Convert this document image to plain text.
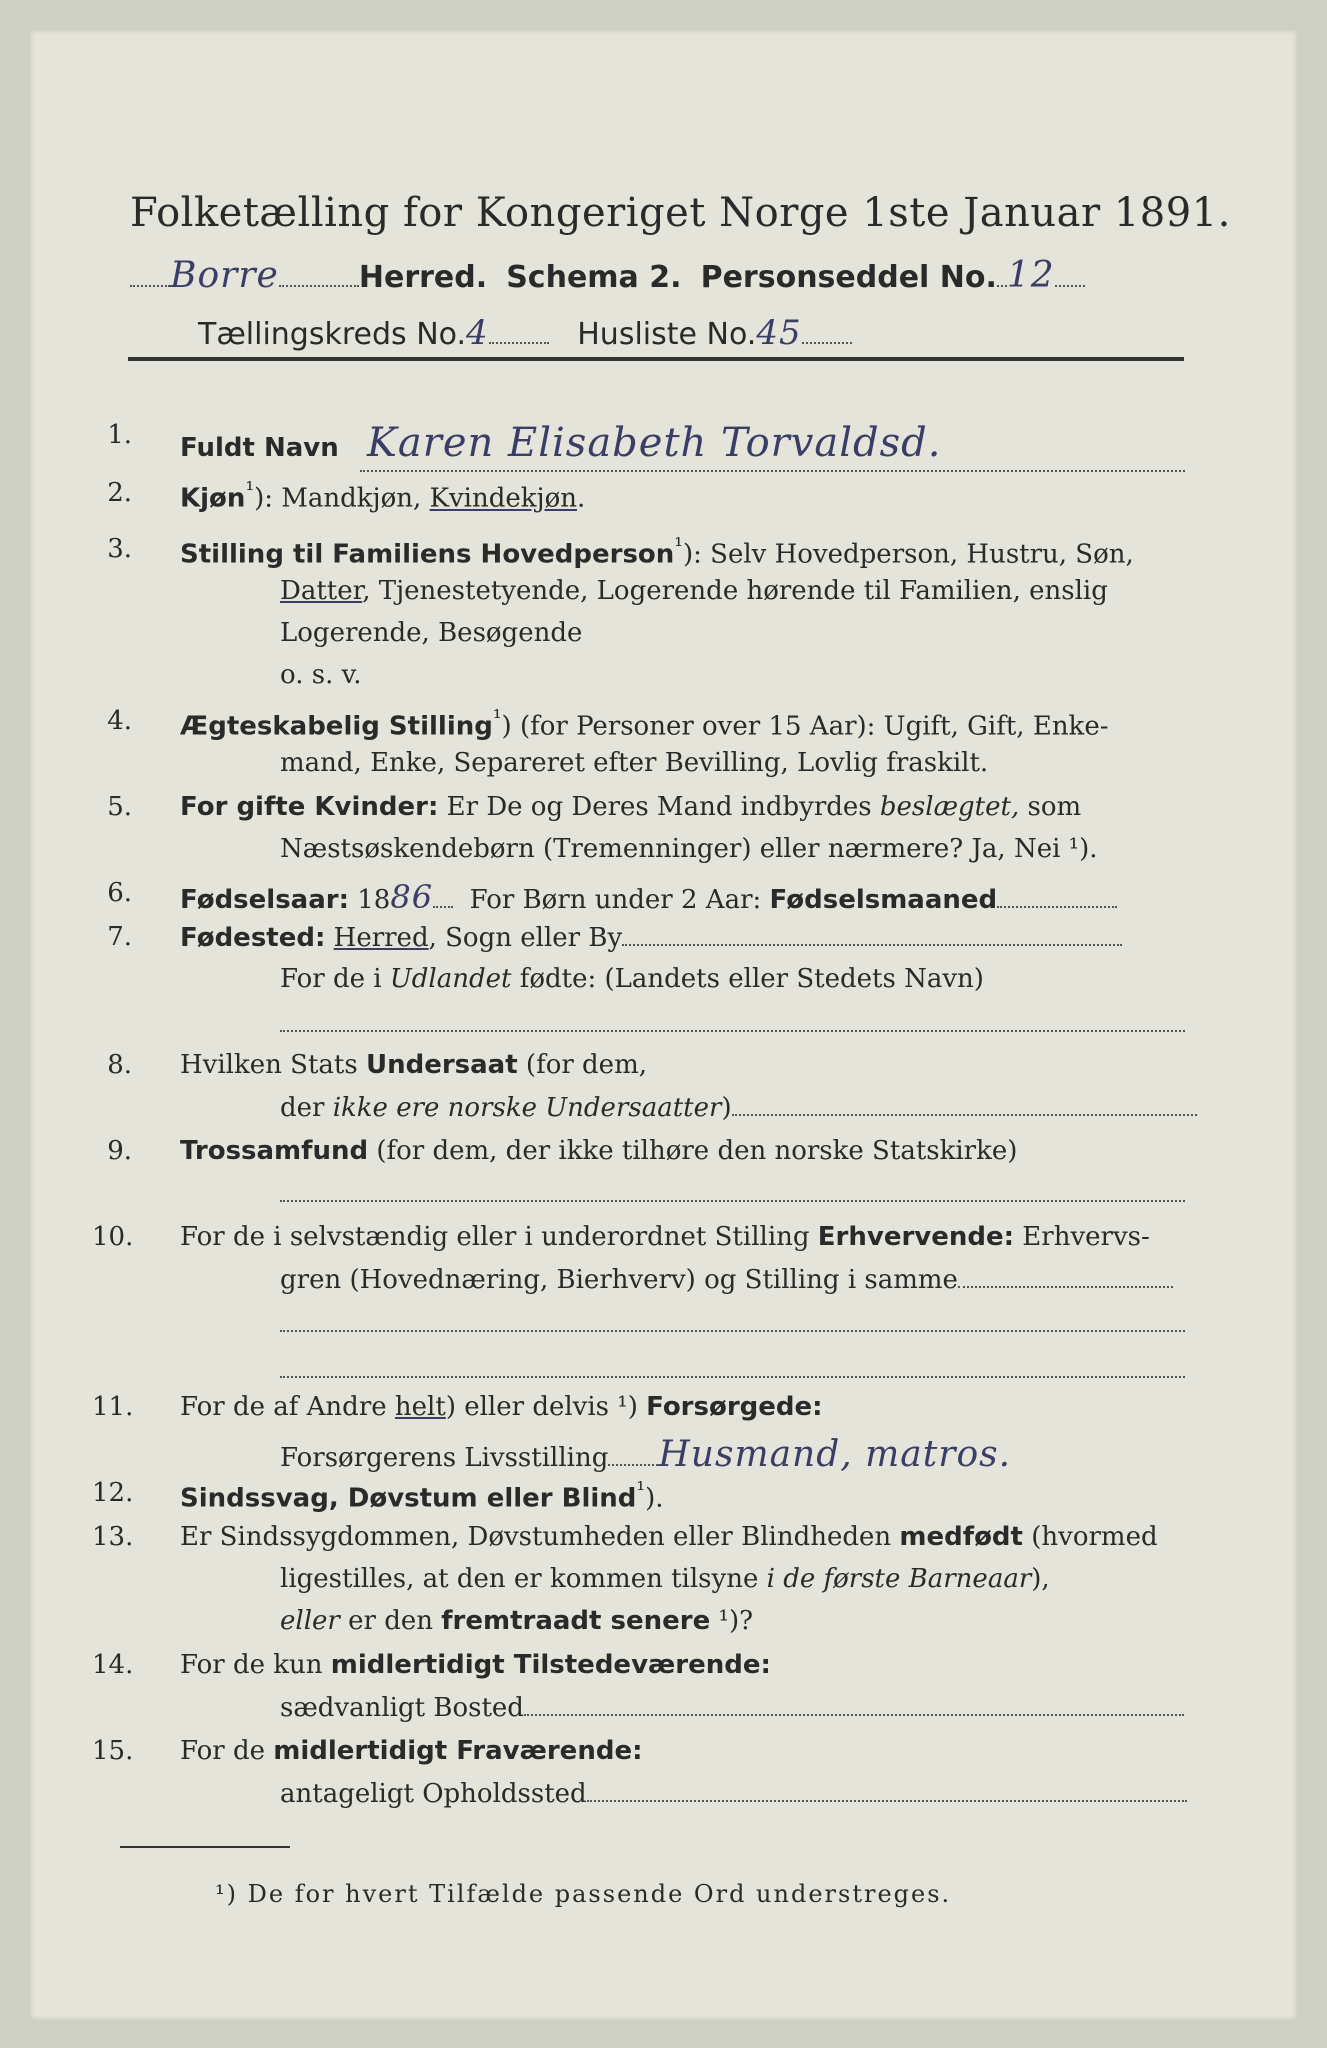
Folketælling for Kongeriget Norge 1ste Januar 1891.
Borre	Herred. Schema 2. Personseddel No. 12
Tællingskreds No.4	Husliste No.45
1. Fuldt Navn Karen Elisabeth Torvaldsd.
2. Kjøn$^{^1}$): Mandkjøn, Kvindekjøn.
3. Stilling til Familiens Hovedperson$^{^1}$): Selv Hovedperson, Hustru, Søn,
Datter, Tjenestetyende, Logerende hørende til Familien, enslig
Logerende, Besøgende
o. s. v.
4. Ægteskabelig Stilling$^{^1}$) (for Personer over 15 Aar): Ugift, Gift, Enke-
mand, Enke, Separeret efter Bevilling, Lovlig fraskilt.
5. For gifte Kvinder: Er De og Deres Mand indbyrdes beslægtet, som
Næstsøskendebørn (Tremenninger) eller nærmere? Ja, Nei ¹).
6. Fødselsaar: 1886 For Børn under 2 Aar: Fødselsmaaned
7. Fødested: Herred, Sogn eller By
For de i Udlandet fødte: (Landets eller Stedets Navn)
8. Hvilken Stats Undersaat (for dem,
der ikke ere norske Undersaatter)
9. Trossamfund (for dem, der ikke tilhøre den norske Statskirke)
10. For de i selvstændig eller i underordnet Stilling Erhvervende: Erhvervs-
gren (Hovednæring, Bierhverv) og Stilling i samme
11. For de af Andre helt) eller delvis ¹) Forsørgede:
Forsørgerens Livsstilling Husmand, matros.
12. Sindssvag, Døvstum eller Blind$^{^1}$).
13. Er Sindssygdommen, Døvstumheden eller Blindheden medfødt (hvormed
ligestilles, at den er kommen tilsyne i de første Barneaar),
eller er den fremtraadt senere ¹)?
14. For de kun midlertidigt Tilstedeværende:
sædvanligt Bosted
15. For de midlertidigt Fraværende:
antageligt Opholdssted
¹) De for hvert Tilfælde passende Ord understreges.
